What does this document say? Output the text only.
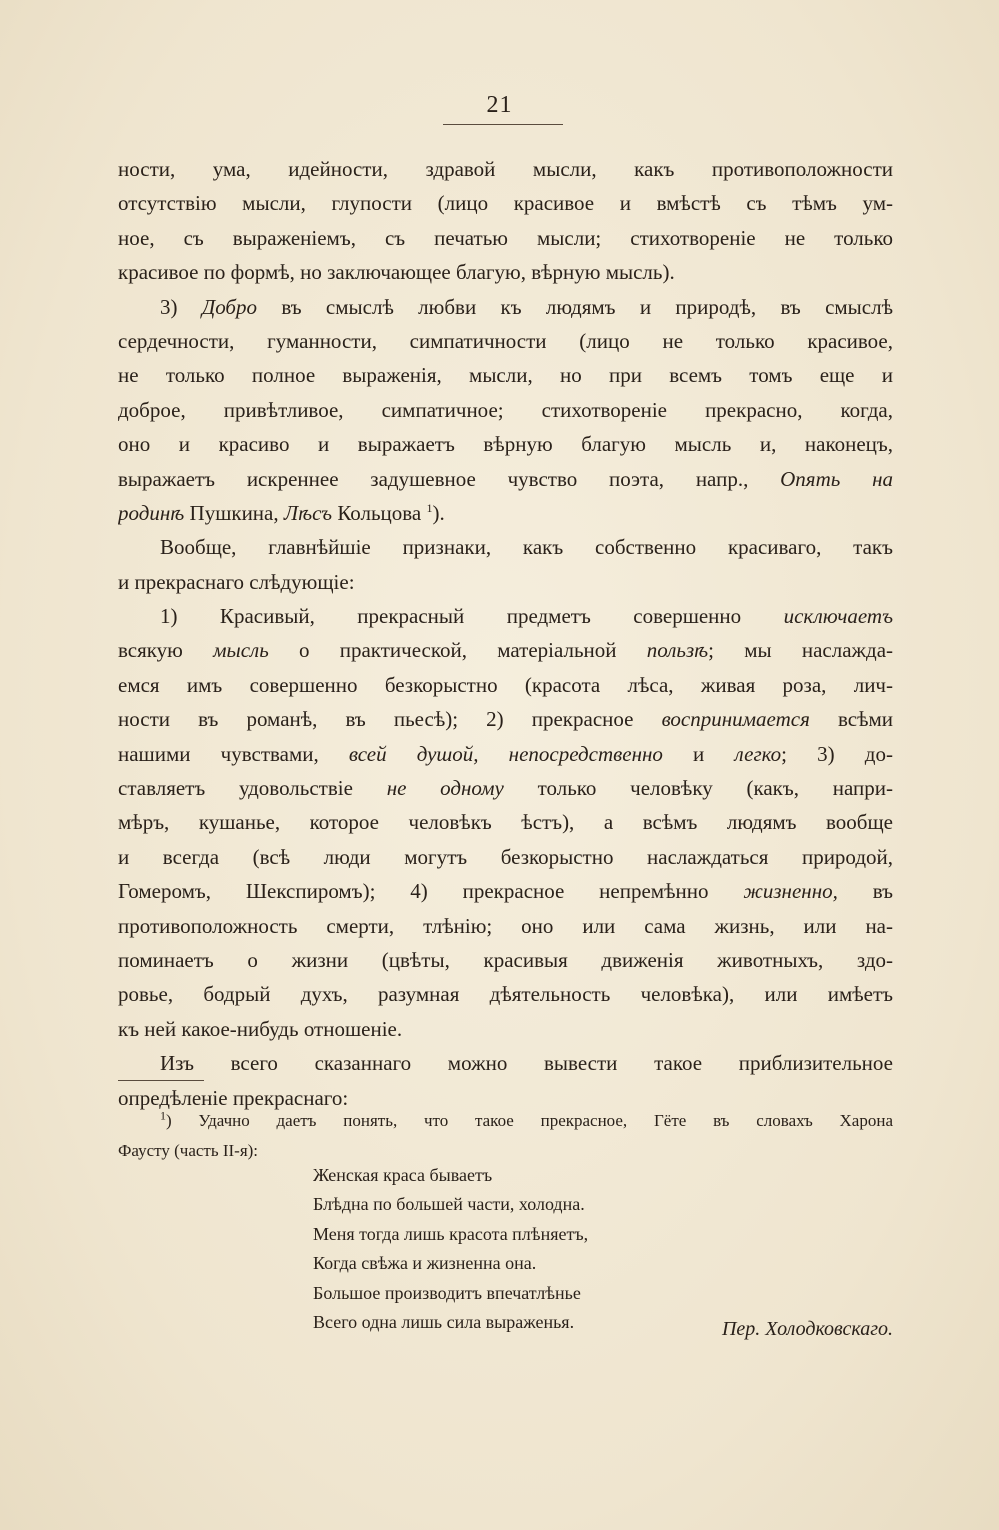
21
ности, ума, идейности, здравой мысли, какъ противоположности
отсутствію мысли, глупости (лицо красивое и вмѣстѣ съ тѣмъ ум-
ное, съ выраженіемъ, съ печатью мысли; стихотвореніе не только
красивое по формѣ, но заключающее благую, вѣрную мысль).
3) Добро въ смыслѣ любви къ людямъ и природѣ, въ смыслѣ
сердечности, гуманности, симпатичности (лицо не только красивое,
не только полное выраженія, мысли, но при всемъ томъ еще и
доброе, привѣтливое, симпатичное; стихотвореніе прекрасно, когда,
оно и красиво и выражаетъ вѣрную благую мысль и, наконецъ,
выражаетъ искреннее задушевное чувство поэта, напр., Опять на
родинѣ Пушкина, Лѣсъ Кольцова $^1$).
Вообще, главнѣйшіе признаки, какъ собственно красиваго, такъ
и прекраснаго слѣдующіе:
1) Красивый, прекрасный предметъ совершенно исключаетъ
всякую мысль о практической, матеріальной пользѣ; мы наслажда-
емся имъ совершенно безкорыстно (красота лѣса, живая роза, лич-
ности въ романѣ, въ пьесѣ); 2) прекрасное воспринимается всѣми
нашими чувствами, всей душой, непосредственно и легко; 3) до-
ставляетъ удовольствіе не одному только человѣку (какъ, напри-
мѣръ, кушанье, которое человѣкъ ѣстъ), а всѣмъ людямъ вообще
и всегда (всѣ люди могутъ безкорыстно наслаждаться природой,
Гомеромъ, Шекспиромъ); 4) прекрасное непремѣнно жизненно, въ
противоположность смерти, тлѣнію; оно или сама жизнь, или на-
поминаетъ о жизни (цвѣты, красивыя движенія животныхъ, здо-
ровье, бодрый духъ, разумная дѣятельность человѣка), или имѣетъ
къ ней какое-нибудь отношеніе.
Изъ всего сказаннаго можно вывести такое приблизительное
опредѣленіе прекраснаго:
$^1$) Удачно даетъ понять, что такое прекрасное, Гёте въ словахъ Харона
Фаусту (часть II-я):
Женская краса бываетъ
Блѣдна по большей части, холодна.
Меня тогда лишь красота плѣняетъ,
Когда свѣжа и жизненна она.
Большое производитъ впечатлѣнье
Всего одна лишь сила выраженья.	Пер. Холодковскаго.
